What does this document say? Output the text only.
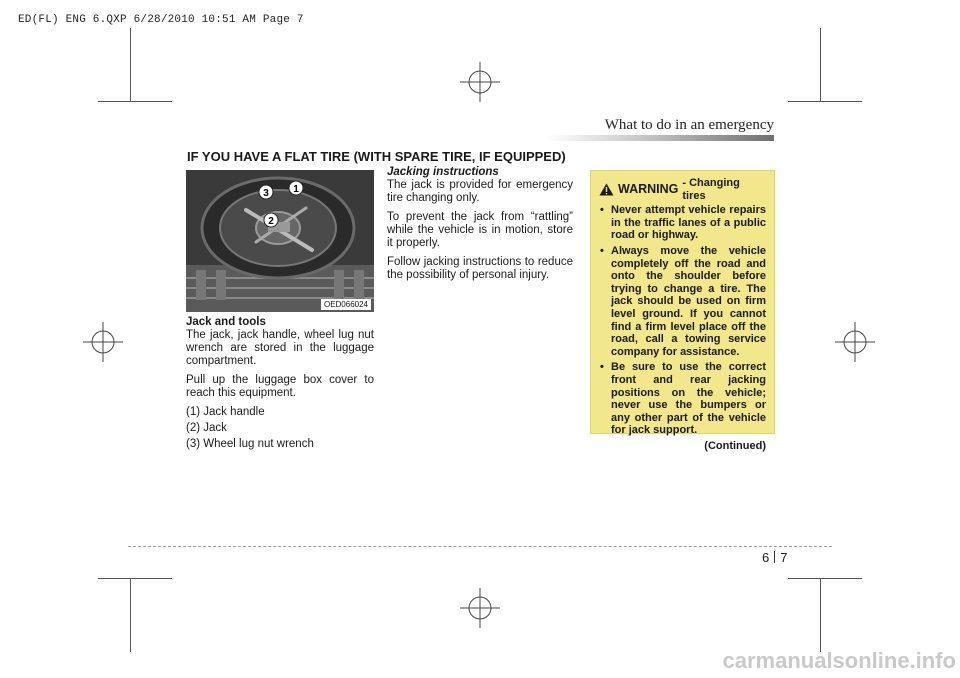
ED(FL) ENG 6.QXP 6/28/2010 10:51 AM Page 7
What to do in an emergency
IF YOU HAVE A FLAT TIRE (WITH SPARE TIRE, IF EQUIPPED)
3 1
2
OED066024

Jack and tools

The jack, jack handle, wheel lug nut wrench are stored in the luggage compartment.

Pull up the luggage box cover to reach this equipment.

(1) Jack handle

(2) Jack

(3) Wheel lug nut wrench

Jacking instructions

The jack is provided for emergency tire changing only.

To prevent the jack from “rattling” while the vehicle is in motion, store it properly.

Follow jacking instructions to reduce the possibility of personal injury.

WARNING - Changing tires
• Never attempt vehicle repairs in the traffic lanes of a public road or highway.
• Always move the vehicle completely off the road and onto the shoulder before trying to change a tire. The jack should be used on firm level ground. If you cannot find a firm level place off the road, call a towing service company for assistance.
• Be sure to use the correct front and rear jacking positions on the vehicle; never use the bumpers or any other part of the vehicle for jack support.
(Continued)
6 7
carmanualsonline.info
